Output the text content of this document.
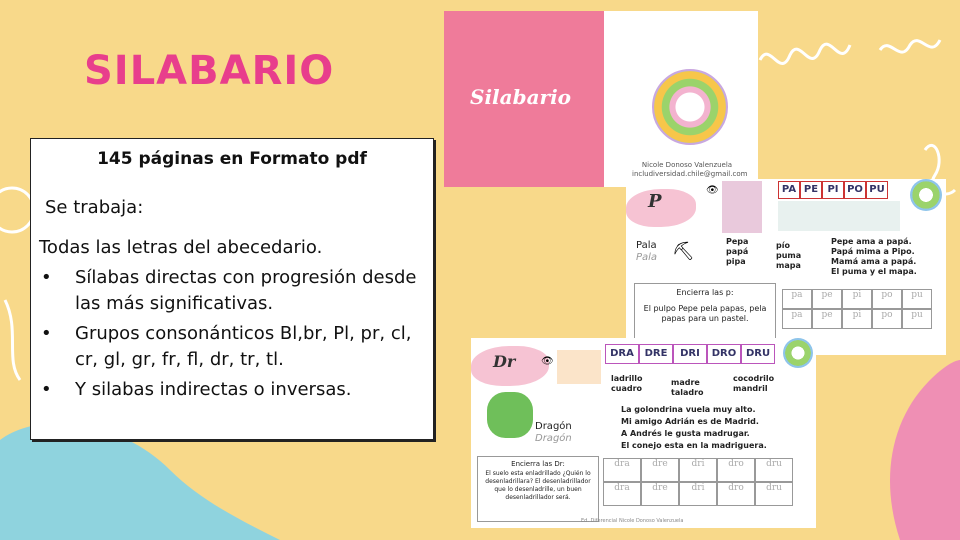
SILABARIO
145 páginas en Formato pdf
Se trabaja:
Todas las letras del abecedario.
• Sílabas directas con progresión desde las más significativas.
• Grupos consonánticos Bl,br, Pl, pr, cl, cr, gl, gr, fr, fl, dr, tr, tl.
• Y silabas indirectas o inversas.
Silabario
Nicole Donoso Valenzuela
includiversidad.chile@gmail.com
P
👁	PA PE PI PO PU
Pala
Pala ⛏	Pepa
papá
pipa
pío
puma
mapa
Pepe ama a papá.
Papá mima a Pipo.
Mamá ama a papá.
El puma y el mapa.
Encierra las p:
El pulpo Pepe pela papas, pela papas para un pastel.
pa	pe	pi	po	pu
pa	pe	pi	po	pu
Dr	👁
DRA	DRE	DRI	DRO DRU
Dragón
Dragón
ladrillo
cuadro
madre
taladro
cocodrilo
mandril
La golondrina vuela muy alto.
Mi amigo Adrián es de Madrid.
A Andrés le gusta madrugar.
El conejo esta en la madriguera.
Encierra las Dr:
El suelo esta enladrillado ¿Quién lo desenladrillara? El desenladrillador que lo desenladrille, un buen desenladrillador será.
dra	dre	dri	dro	dru
dra	dre	dri	dro	dru
Ed. Diferencial Nicole Donoso Valenzuela
